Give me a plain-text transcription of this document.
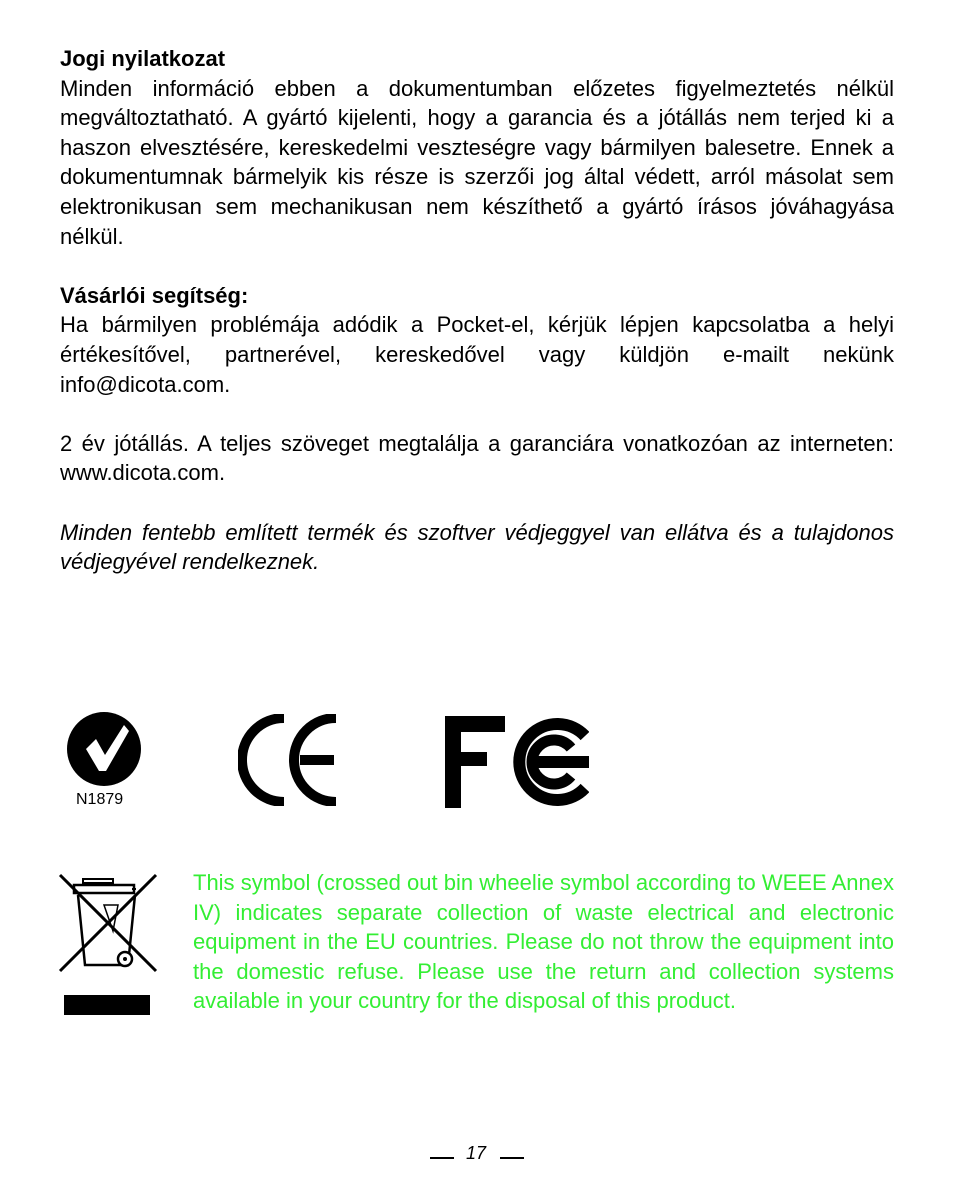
Jogi nyilatkozat

Minden információ ebben a dokumentumban előzetes figyelmeztetés nélkül megváltoztatható. A gyártó kijelenti, hogy a garancia és a jótállás nem terjed ki a haszon elvesztésére, kereskedelmi veszteségre vagy bármilyen balesetre. Ennek a dokumentumnak bármelyik kis része is szerzői jog által védett, arról másolat sem elektronikusan sem mechanikusan nem készíthető a gyártó írásos jóváhagyása nélkül.

Vásárlói segítség:

Ha bármilyen problémája adódik a Pocket-el, kérjük lépjen kapcsolatba a helyi értékesítővel, partnerével, kereskedővel vagy küldjön e-mailt nekünk info@dicota.com.

2 év jótállás. A teljes szöveget megtalálja a garanciára vonatkozóan az interneten: www.dicota.com.

Minden fentebb említett termék és szoftver védjeggyel van ellátva és a tulajdonos védjegyével rendelkeznek.

N1879

This symbol (crossed out bin wheelie symbol according to WEEE Annex IV) indicates separate collection of waste electrical and electronic equipment in the EU countries. Please do not throw the equipment into the domestic refuse. Please use the return and collection systems available in your country for the disposal of this product.

17
